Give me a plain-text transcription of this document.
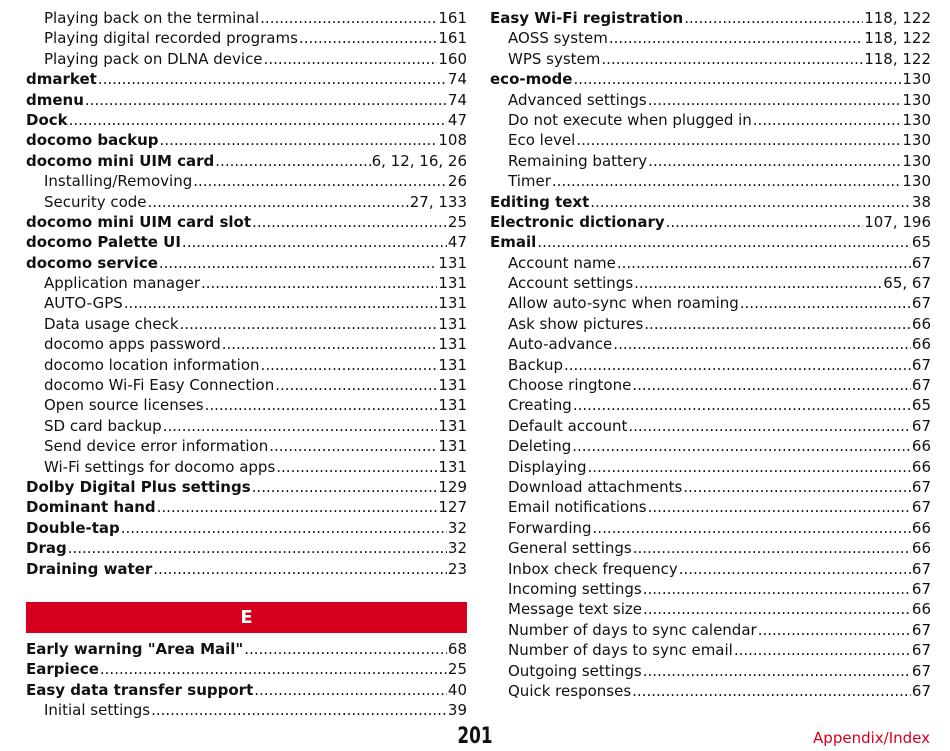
Playing back on the terminal .....	161
Playing digital recorded programs .....	161
Playing pack on DLNA device .....	160
dmarket .....	74
dmenu .....	74
Dock .....	47
docomo backup .....	108
docomo mini UIM card .....	6, 12, 16, 26
Installing/Removing .....	26
Security code .....	27, 133
docomo mini UIM card slot .....	25
docomo Palette UI .....	47
docomo service .....	131
Application manager .....	131
AUTO-GPS .....	131
Data usage check .....	131
docomo apps password .....	131
docomo location information .....	131
docomo Wi-Fi Easy Connection .....	131
Open source licenses .....	131
SD card backup .....	131
Send device error information .....	131
Wi-Fi settings for docomo apps .....	131
Dolby Digital Plus settings .....	129
Dominant hand .....	127
Double-tap .....	32
Drag .....	32
Draining water .....	23
E
Early warning "Area Mail" .....	68
Earpiece .....	25
Easy data transfer support .....	40
Initial settings .....	39
Easy Wi-Fi registration .....	118, 122
AOSS system .....	118, 122
WPS system .....	118, 122
eco-mode .....	130
Advanced settings .....	130
Do not execute when plugged in .....	130
Eco level .....	130
Remaining battery .....	130
Timer .....	130
Editing text .....	38
Electronic dictionary .....	107, 196
Email .....	65
Account name .....	67
Account settings .....	65, 67
Allow auto-sync when roaming .....	67
Ask show pictures .....	66
Auto-advance .....	66
Backup .....	67
Choose ringtone .....	67
Creating .....	65
Default account .....	67
Deleting .....	66
Displaying .....	66
Download attachments .....	67
Email notifications .....	67
Forwarding .....	66
General settings .....	66
Inbox check frequency .....	67
Incoming settings .....	67
Message text size .....	66
Number of days to sync calendar .....	67
Number of days to sync email .....	67
Outgoing settings .....	67
Quick responses .....	67
201	Appendix/Index
